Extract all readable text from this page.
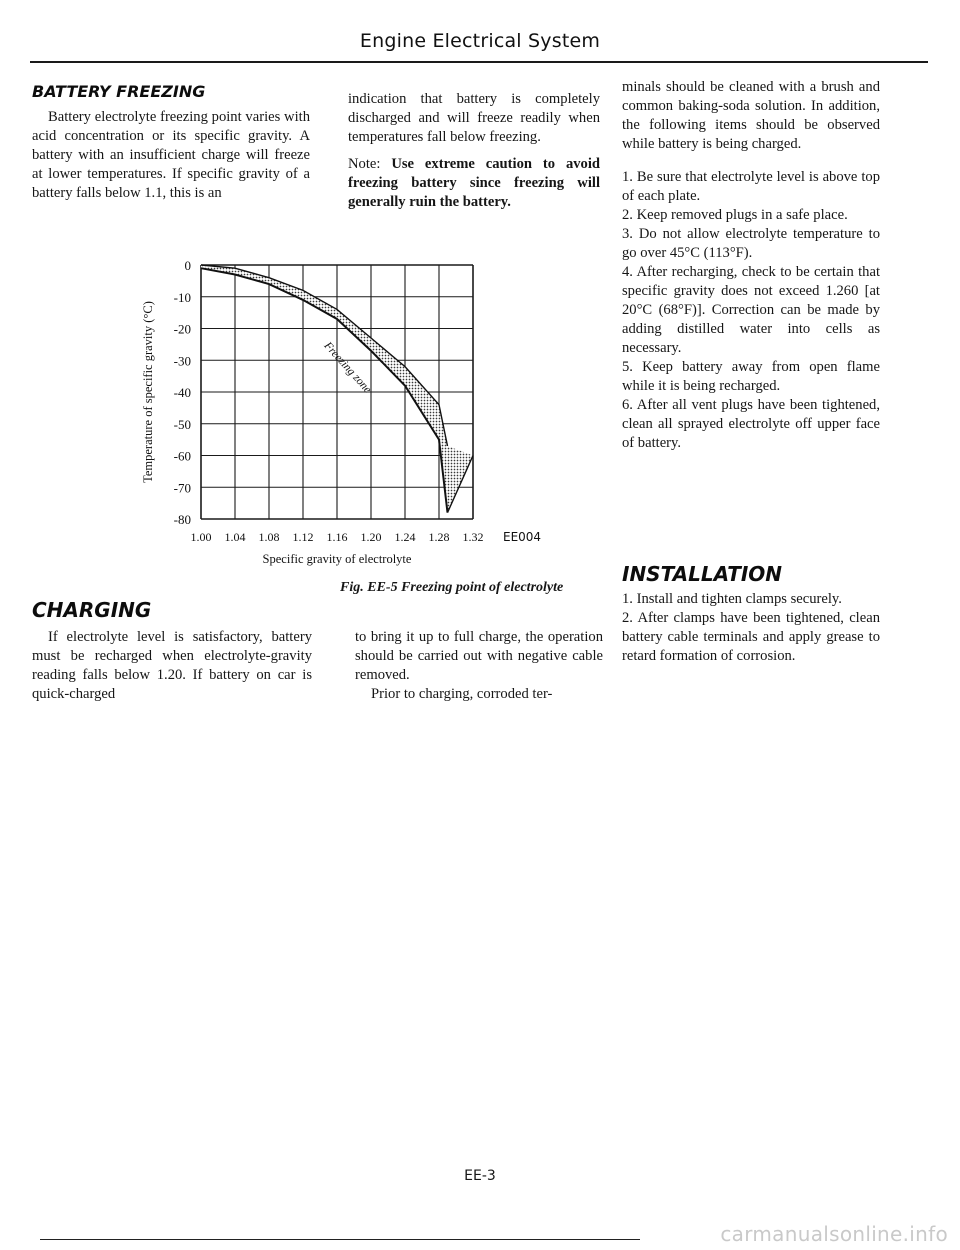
Engine Electrical System
BATTERY FREEZING

Battery electrolyte freezing point varies with acid concentration or its specific gravity. A battery with an insufficient charge will freeze at lower temperatures. If specific gravity of a battery falls below 1.1, this is an

indication that battery is completely discharged and will freeze readily when temperatures fall below freezing.

Note: Use extreme caution to avoid freezing battery since freezing will generally ruin the battery.

0
-10
-20
-30
-40
-50
-60
-70
-80
1.00 1.04 1.08 1.12 1.16 1.20 1.24 1.28 1.32
Specific gravity of electrolyte
Temperature of specific gravity (°C)	Freezing zone
EE004
Fig. EE-5 Freezing point of electrolyte
CHARGING

If electrolyte level is satisfactory, battery must be recharged when electrolyte-gravity reading falls below 1.20. If battery on car is quick-charged

to bring it up to full charge, the operation should be carried out with negative cable removed.

Prior to charging, corroded ter-

minals should be cleaned with a brush and common baking-soda solution. In addition, the following items should be observed while battery is being charged.

1. Be sure that electrolyte level is above top of each plate.
2. Keep removed plugs in a safe place.
3. Do not allow electrolyte temperature to go over 45°C (113°F).
4. After recharging, check to be certain that specific gravity does not exceed 1.260 [at 20°C (68°F)]. Correction can be made by adding distilled water into cells as necessary.
5. Keep battery away from open flame while it is being recharged.
6. After all vent plugs have been tightened, clean all sprayed electrolyte off upper face of battery.
INSTALLATION
1. Install and tighten clamps securely.
2. After clamps have been tightened, clean battery cable terminals and apply grease to retard formation of corrosion.
EE-3
carmanualsonline.info
